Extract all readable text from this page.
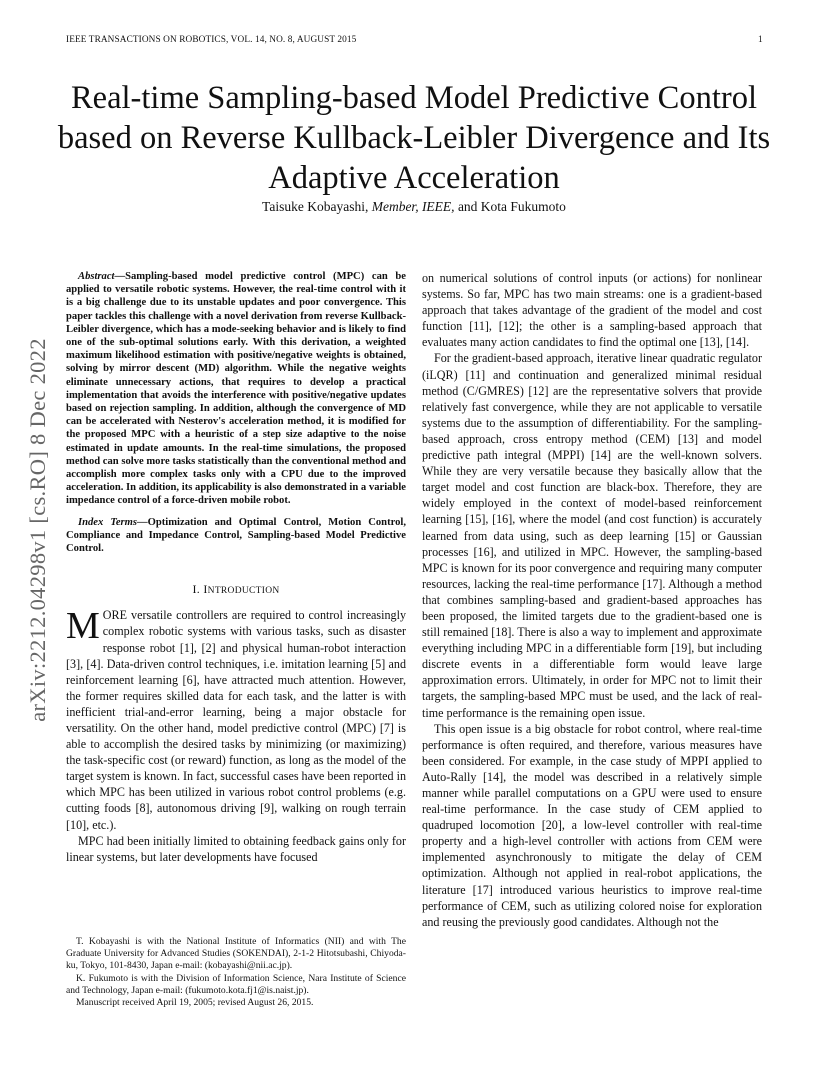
IEEE TRANSACTIONS ON ROBOTICS, VOL. 14, NO. 8, AUGUST 2015	1
arXiv:2212.04298v1 [cs.RO] 8 Dec 2022
Real-time Sampling-based Model Predictive Control based on Reverse Kullback-Leibler Divergence and Its Adaptive Acceleration
Taisuke Kobayashi, Member, IEEE, and Kota Fukumoto

Abstract—Sampling-based model predictive control (MPC) can be applied to versatile robotic systems. However, the real-time control with it is a big challenge due to its unstable updates and poor convergence. This paper tackles this challenge with a novel derivation from reverse Kullback-Leibler divergence, which has a mode-seeking behavior and is likely to find one of the sub-optimal solutions early. With this derivation, a weighted maximum likelihood estimation with positive/negative weights is obtained, solving by mirror descent (MD) algorithm. While the negative weights eliminate unnecessary actions, that requires to develop a practical implementation that avoids the interference with positive/negative updates based on rejection sampling. In addition, although the convergence of MD can be accelerated with Nesterov's acceleration method, it is modified for the proposed MPC with a heuristic of a step size adaptive to the noise estimated in update amounts. In the real-time simulations, the proposed method can solve more tasks statistically than the conventional method and accomplish more complex tasks only with a CPU due to the improved acceleration. In addition, its applicability is also demonstrated in a variable impedance control of a force-driven mobile robot.

Index Terms—Optimization and Optimal Control, Motion Control, Compliance and Impedance Control, Sampling-based Model Predictive Control.

I. INTRODUCTION

MORE versatile controllers are required to control increasingly complex robotic systems with various tasks, such as disaster response robot [1], [2] and physical human-robot interaction [3], [4]. Data-driven control techniques, i.e. imitation learning [5] and reinforcement learning [6], have attracted much attention. However, the former requires skilled data for each task, and the latter is with inefficient trial-and-error learning, being a major obstacle for versatility. On the other hand, model predictive control (MPC) [7] is able to accomplish the desired tasks by minimizing (or maximizing) the task-specific cost (or reward) function, as long as the model of the target system is known. In fact, successful cases have been reported in which MPC has been utilized in various robot control problems (e.g. cutting foods [8], autonomous driving [9], walking on rough terrain [10], etc.).

MPC had been initially limited to obtaining feedback gains only for linear systems, but later developments have focused

on numerical solutions of control inputs (or actions) for nonlinear systems. So far, MPC has two main streams: one is a gradient-based approach that takes advantage of the gradient of the model and cost function [11], [12]; the other is a sampling-based approach that evaluates many action candidates to find the optimal one [13], [14].

For the gradient-based approach, iterative linear quadratic regulator (iLQR) [11] and continuation and generalized minimal residual method (C/GMRES) [12] are the representative solvers that provide relatively fast convergence, while they are not applicable to versatile systems due to the assumption of differentiability. For the sampling-based approach, cross entropy method (CEM) [13] and model predictive path integral (MPPI) [14] are the well-known solvers. While they are very versatile because they basically allow that the target model and cost function are black-box. Therefore, they are widely employed in the context of model-based reinforcement learning [15], [16], where the model (and cost function) is accurately learned from data using, such as deep learning [15] or Gaussian processes [16], and utilized in MPC. However, the sampling-based MPC is known for its poor convergence and requiring many computer resources, lacking the real-time performance [17]. Although a method that combines sampling-based and gradient-based approaches has been proposed, the limited targets due to the gradient-based one is still remained [18]. There is also a way to implement and approximate everything including MPC in a differentiable form [19], but including discrete events in a differentiable form would leave large approximation errors. Ultimately, in order for MPC not to limit their targets, the sampling-based MPC must be used, and the lack of real-time performance is the remaining open issue.

This open issue is a big obstacle for robot control, where real-time performance is often required, and therefore, various measures have been considered. For example, in the case study of MPPI applied to Auto-Rally [14], the model was described in a relatively simple manner while parallel computations on a GPU were used to ensure real-time performance. In the case study of CEM applied to quadruped locomotion [20], a low-level controller with real-time property and a high-level controller with actions from CEM were implemented asynchronously to mitigate the delay of CEM optimization. Although not applied in real-robot applications, the literature [17] introduced various heuristics to improve real-time performance of CEM, such as utilizing colored noise for exploration and reusing the previously good candidates. Although not the

T. Kobayashi is with the National Institute of Informatics (NII) and with The Graduate University for Advanced Studies (SOKENDAI), 2-1-2 Hitotsubashi, Chiyoda-ku, Tokyo, 101-8430, Japan e-mail: (kobayashi@nii.ac.jp).

K. Fukumoto is with the Division of Information Science, Nara Institute of Science and Technology, Japan e-mail: (fukumoto.kota.fj1@is.naist.jp).

Manuscript received April 19, 2005; revised August 26, 2015.
